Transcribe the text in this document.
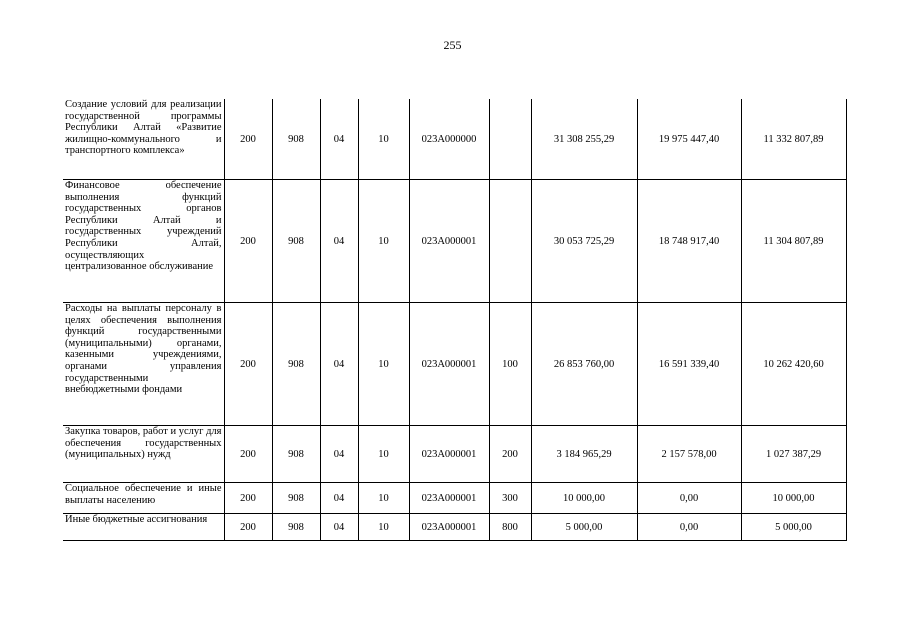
255
Создание условий для реализации государственной программы Республики Алтай «Развитие жилищно-коммунального и транспортного комплекса»	200	908	04	10	023А000000		31 308 255,29	19 975 447,40	11 332 807,89
Финансовое обеспечение выполнения функций государственных органов Республики Алтай и государственных учреждений Республики Алтай, осуществляющих централизованное обслуживание	200	908	04	10	023А000001		30 053 725,29	18 748 917,40	11 304 807,89
Расходы на выплаты персоналу в целях обеспечения выполнения функций государственными (муниципальными) органами, казенными учреждениями, органами управления государственными внебюджетными фондами	200	908	04	10	023А000001	100	26 853 760,00	16 591 339,40	10 262 420,60
Закупка товаров, работ и услуг для обеспечения государственных (муниципальных) нужд	200	908	04	10	023А000001	200	3 184 965,29	2 157 578,00	1 027 387,29
Социальное обеспечение и иные выплаты населению	200	908	04	10	023А000001	300	10 000,00	0,00	10 000,00
Иные бюджетные ассигнования	200	908	04	10	023А000001	800	5 000,00	0,00	5 000,00
